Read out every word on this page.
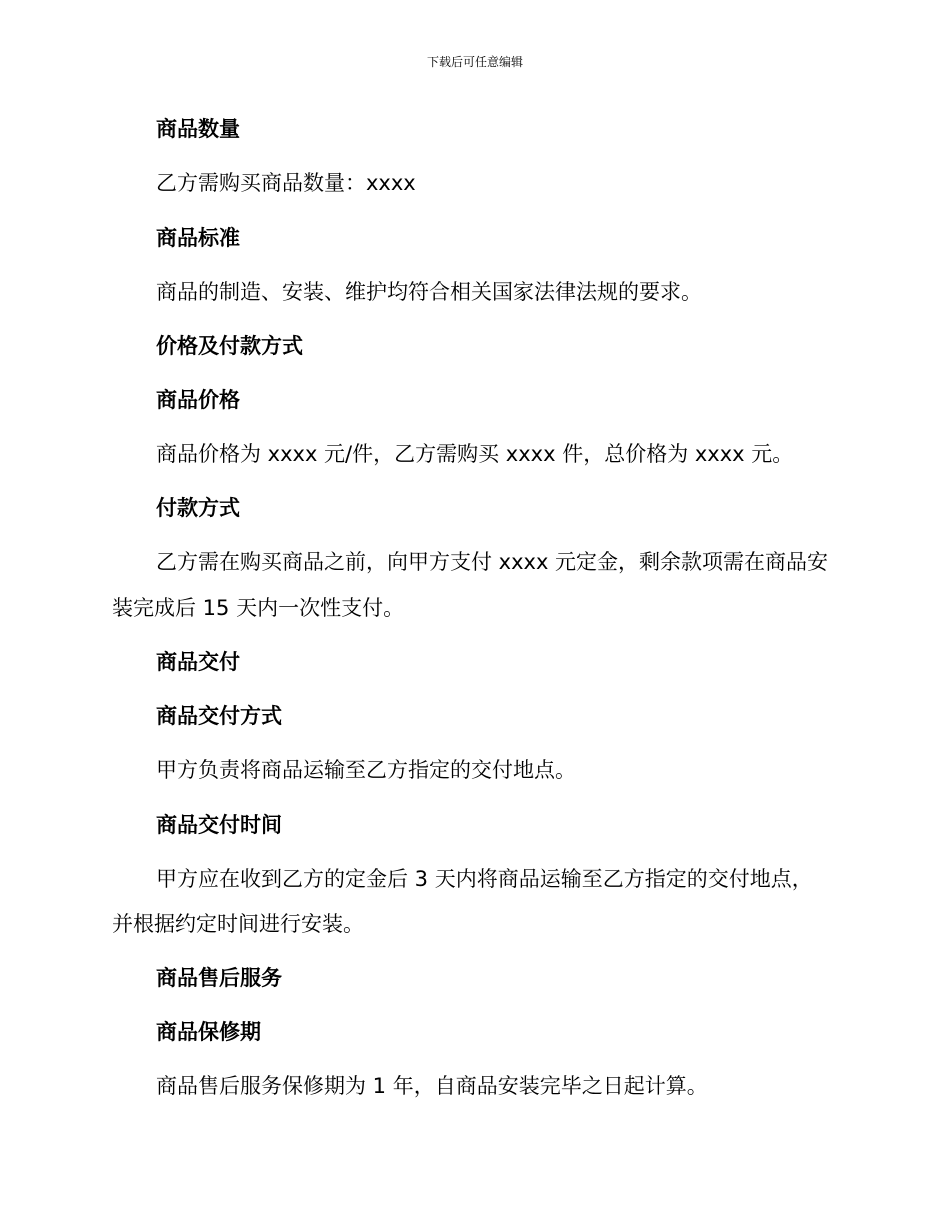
下载后可任意编辑
商品数量
乙方需购买商品数量：xxxx
商品标准
商品的制造、安装、维护均符合相关国家法律法规的要求。
价格及付款方式
商品价格
商品价格为 xxxx 元/件，乙方需购买 xxxx 件，总价格为 xxxx 元。
付款方式
乙方需在购买商品之前，向甲方支付 xxxx 元定金，剩余款项需在商品安
装完成后 15 天内一次性支付。
商品交付
商品交付方式
甲方负责将商品运输至乙方指定的交付地点。
商品交付时间
甲方应在收到乙方的定金后 3 天内将商品运输至乙方指定的交付地点，
并根据约定时间进行安装。
商品售后服务
商品保修期
商品售后服务保修期为 1 年，自商品安装完毕之日起计算。
